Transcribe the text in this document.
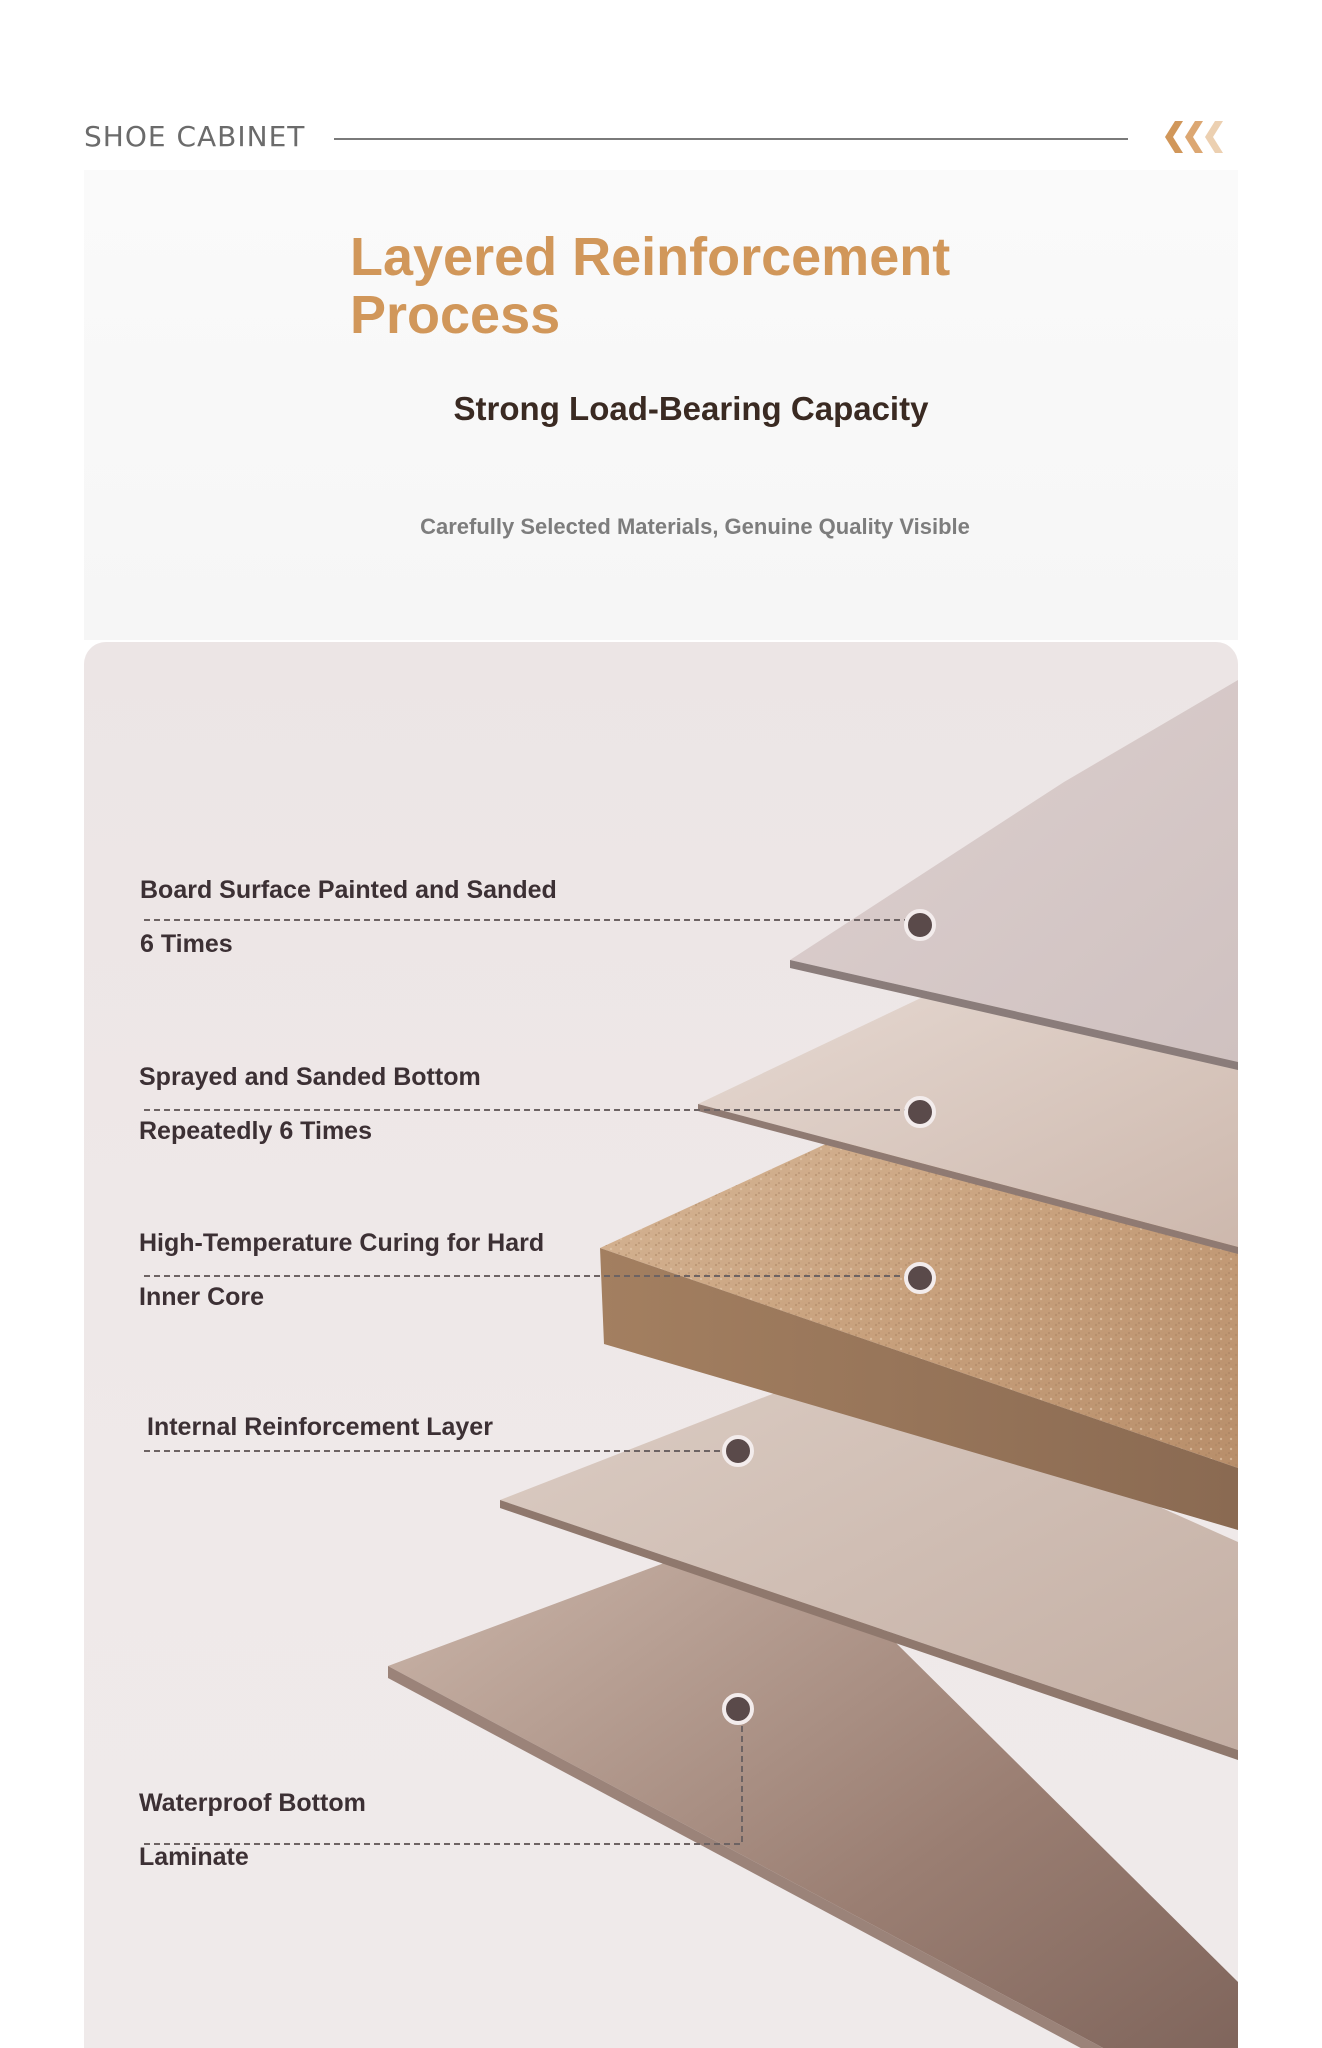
SHOE CABINET
Layered Reinforcement
Process
Strong Load-Bearing Capacity
Carefully Selected Materials, Genuine Quality Visible

Board Surface Painted and Sanded

6 Times

Sprayed and Sanded Bottom

Repeatedly 6 Times

High-Temperature Curing for Hard

Inner Core

Internal Reinforcement Layer

Waterproof Bottom

Laminate
